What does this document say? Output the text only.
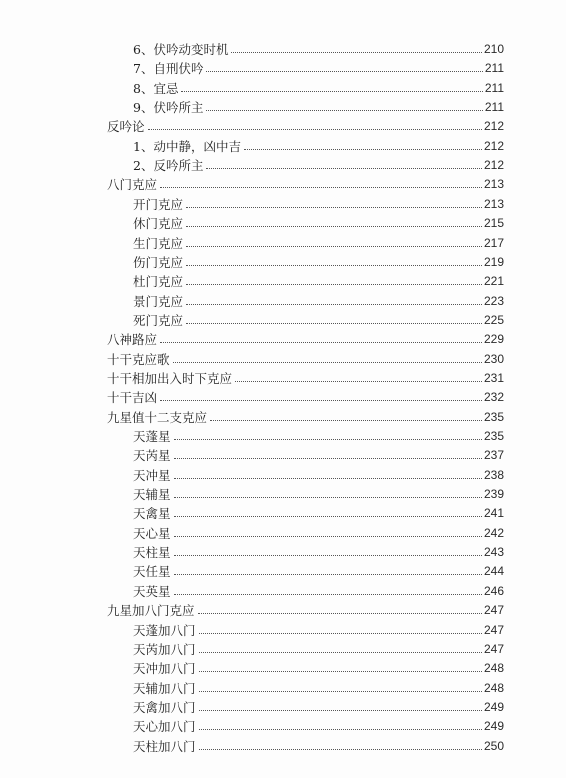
6、伏吟动变时机	210
7、自刑伏吟	211
8、宜忌	211
9、伏吟所主	211
反吟论	212
1、动中静，凶中吉	212
2、反吟所主	212
八门克应	213
开门克应	213
休门克应	215
生门克应	217
伤门克应	219
杜门克应	221
景门克应	223
死门克应	225
八神路应	229
十干克应歌	230
十干相加出入时下克应	231
十干吉凶	232
九星值十二支克应	235
天蓬星	235
天芮星	237
天冲星	238
天辅星	239
天禽星	241
天心星	242
天柱星	243
天任星	244
天英星	246
九星加八门克应	247
天蓬加八门	247
天芮加八门	247
天冲加八门	248
天辅加八门	248
天禽加八门	249
天心加八门	249
天柱加八门	250
